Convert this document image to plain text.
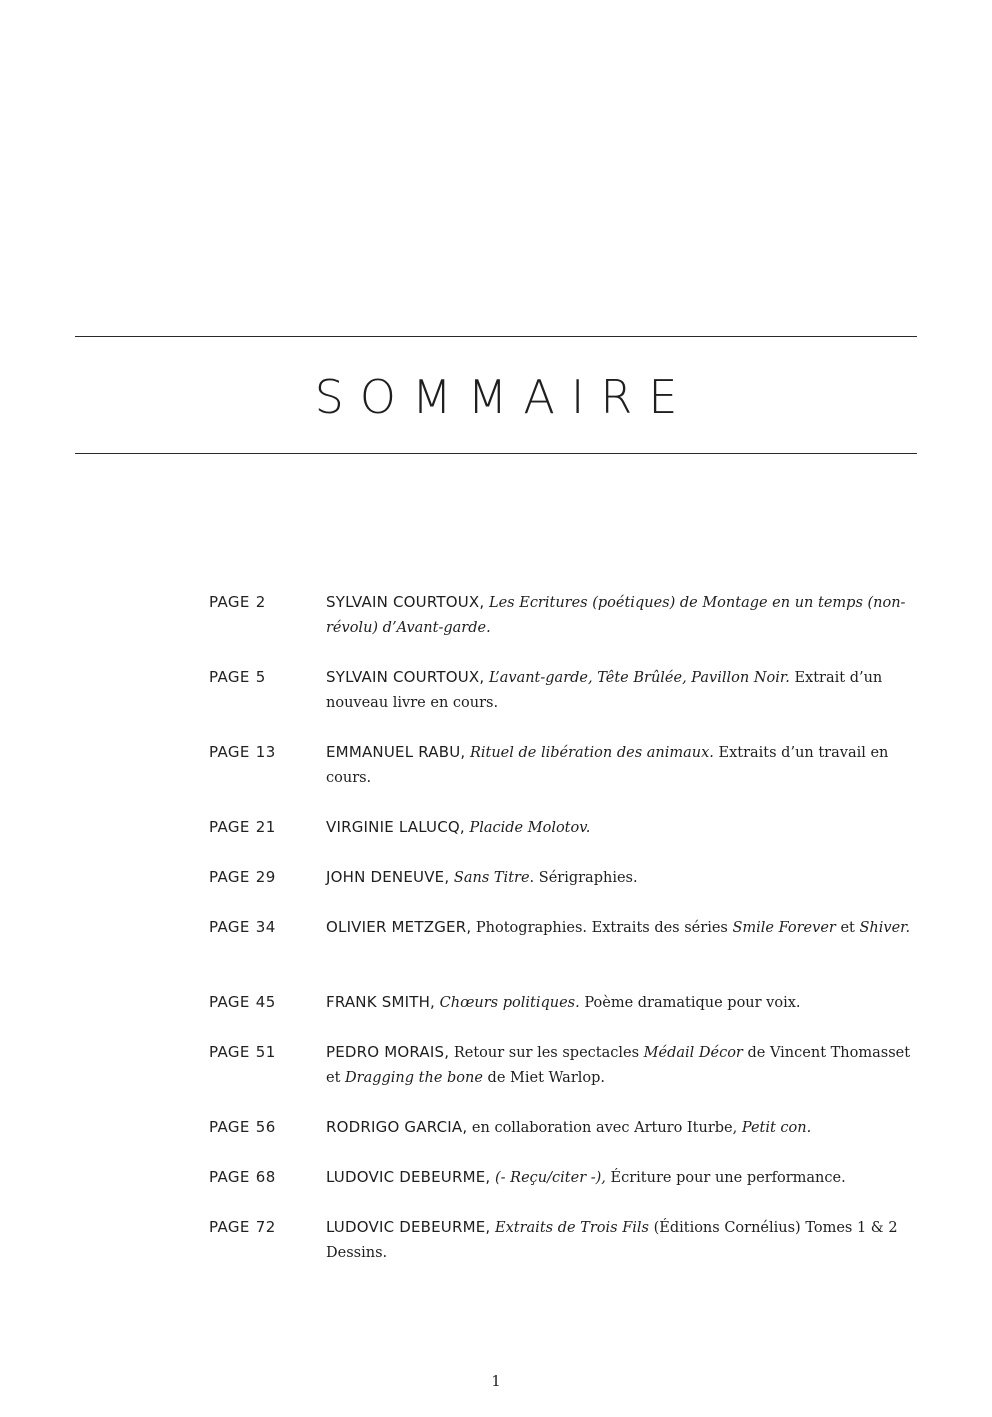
SOMMAIRE
PAGE 2	SYLVAIN COURTOUX, Les Ecritures (poétiques) de Montage en un temps (non-révolu) d’Avant-garde.
PAGE 5	SYLVAIN COURTOUX, L’avant-garde, Tête Brûlée, Pavillon Noir. Extrait d’un nouveau livre en cours.
PAGE 13	EMMANUEL RABU, Rituel de libération des animaux. Extraits d’un travail en cours.
PAGE 21	VIRGINIE LALUCQ, Placide Molotov.
PAGE 29	JOHN DENEUVE, Sans Titre. Sérigraphies.
PAGE 34	OLIVIER METZGER, Photographies. Extraits des séries Smile Forever et Shiver.
PAGE 45	FRANK SMITH, Chœurs politiques. Poème dramatique pour voix.
PAGE 51	PEDRO MORAIS, Retour sur les spectacles Médail Décor de Vincent Thomasset et Dragging the bone de Miet Warlop.
PAGE 56	RODRIGO GARCIA, en collaboration avec Arturo Iturbe, Petit con.
PAGE 68	LUDOVIC DEBEURME, (- Reçu/citer -), Écriture pour une performance.
PAGE 72	LUDOVIC DEBEURME, Extraits de Trois Fils (Éditions Cornélius) Tomes 1 & 2 Dessins.
1
